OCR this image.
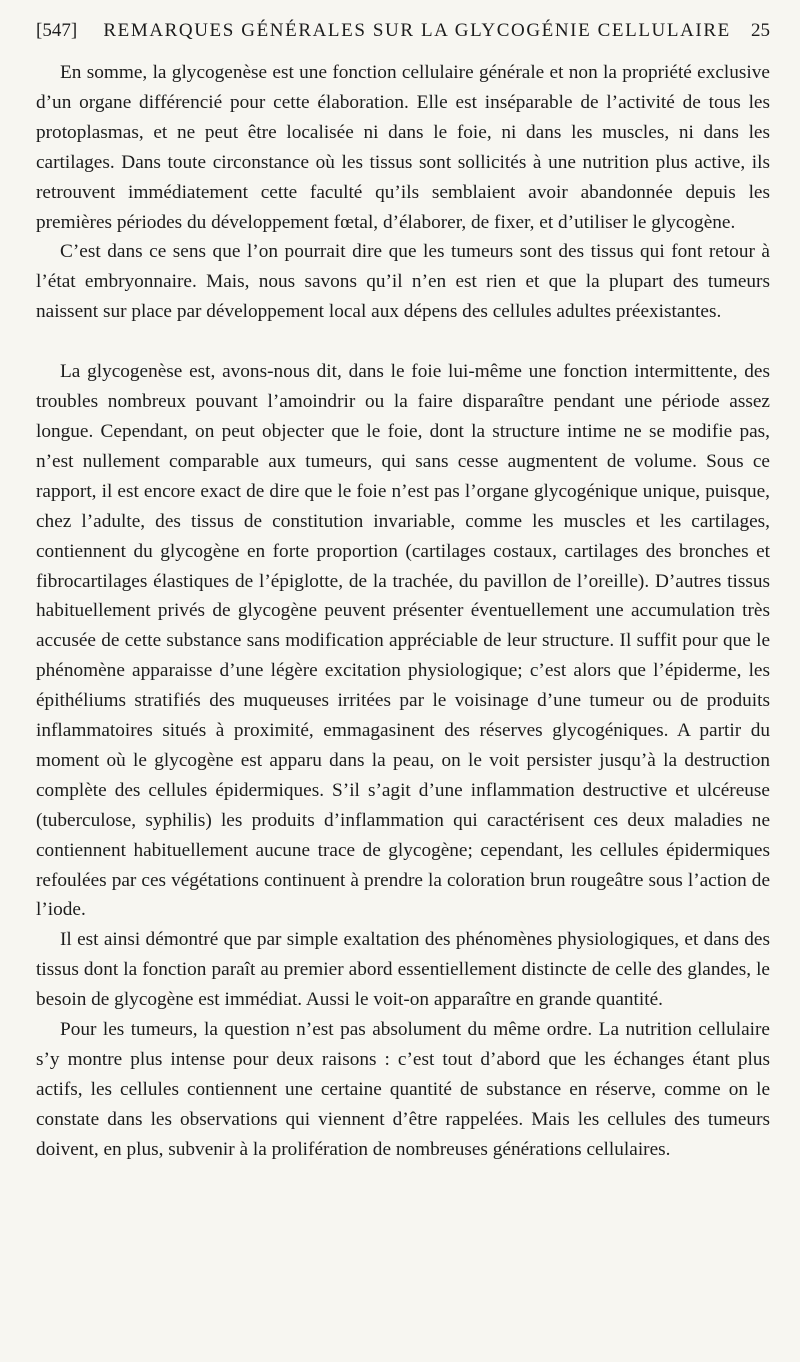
[547]	REMARQUES GÉNÉRALES SUR LA GLYCOGÉNIE CELLULAIRE	25

En somme, la glycogenèse est une fonction cellulaire générale et non la propriété exclusive d’un organe différencié pour cette élaboration. Elle est inséparable de l’activité de tous les protoplasmas, et ne peut être localisée ni dans le foie, ni dans les muscles, ni dans les cartilages. Dans toute circonstance où les tissus sont sollicités à une nutrition plus active, ils retrouvent immédiatement cette faculté qu’ils semblaient avoir abandonnée depuis les premières périodes du développement fœtal, d’élaborer, de fixer, et d’utiliser le glycogène.

C’est dans ce sens que l’on pourrait dire que les tumeurs sont des tissus qui font retour à l’état embryonnaire. Mais, nous savons qu’il n’en est rien et que la plupart des tumeurs naissent sur place par développement local aux dépens des cellules adultes préexistantes.

La glycogenèse est, avons-nous dit, dans le foie lui-même une fonction intermittente, des troubles nombreux pouvant l’amoindrir ou la faire disparaître pendant une période assez longue. Cependant, on peut objecter que le foie, dont la structure intime ne se modifie pas, n’est nullement comparable aux tumeurs, qui sans cesse augmentent de volume. Sous ce rapport, il est encore exact de dire que le foie n’est pas l’organe glycogénique unique, puisque, chez l’adulte, des tissus de constitution invariable, comme les muscles et les cartilages, contiennent du glycogène en forte proportion (cartilages costaux, cartilages des bronches et fibrocartilages élastiques de l’épiglotte, de la trachée, du pavillon de l’oreille). D’autres tissus habituellement privés de glycogène peuvent présenter éventuellement une accumulation très accusée de cette substance sans modification appréciable de leur structure. Il suffit pour que le phénomène apparaisse d’une légère excitation physiologique; c’est alors que l’épiderme, les épithéliums stratifiés des muqueuses irritées par le voisinage d’une tumeur ou de produits inflammatoires situés à proximité, emmagasinent des réserves glycogéniques. A partir du moment où le glycogène est apparu dans la peau, on le voit persister jusqu’à la destruction complète des cellules épidermiques. S’il s’agit d’une inflammation destructive et ulcéreuse (tuberculose, syphilis) les produits d’inflammation qui caractérisent ces deux maladies ne contiennent habituellement aucune trace de glycogène; cependant, les cellules épidermiques refoulées par ces végétations continuent à prendre la coloration brun rougeâtre sous l’action de l’iode.

Il est ainsi démontré que par simple exaltation des phénomènes physiologiques, et dans des tissus dont la fonction paraît au premier abord essentiellement distincte de celle des glandes, le besoin de glycogène est immédiat. Aussi le voit-on apparaître en grande quantité.

Pour les tumeurs, la question n’est pas absolument du même ordre. La nutrition cellulaire s’y montre plus intense pour deux raisons : c’est tout d’abord que les échanges étant plus actifs, les cellules contiennent une certaine quantité de substance en réserve, comme on le constate dans les observations qui viennent d’être rappelées. Mais les cellules des tumeurs doivent, en plus, subvenir à la prolifération de nombreuses générations cellulaires.
